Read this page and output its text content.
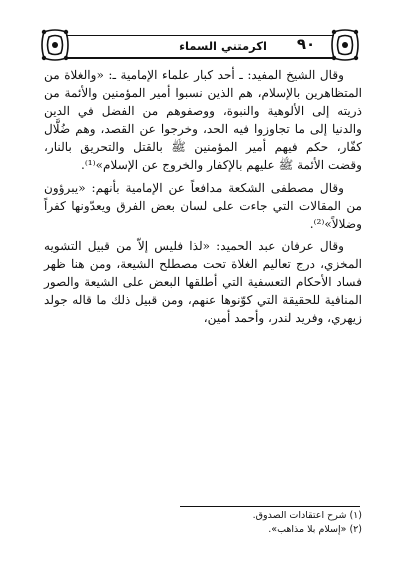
اكرمتني السماء	٩٠

وقال الشيخ المفيد: ـ أحد كبار علماء الإمامية ـ: «والغلاة من المتظاهرين بالإسلام، هم الذين نسبوا أمير المؤمنين والأئمة من ذريته إلى الألوهية والنبوة، ووصفوهم من الفضل في الدين والدنيا إلى ما تجاوزوا فيه الحد، وخرجوا عن القصد، وهم ضُلَّال كفّار، حكم فيهم أمير المؤمنين ﷺ بالقتل والتحريق بالنار، وقضت الأئمة ﷺ عليهم بالإكفار والخروج عن الإسلام»⁽¹⁾.

وقال مصطفى الشكعة مدافعاً عن الإمامية بأنهم: «يبرؤون من المقالات التي جاءت على لسان بعض الفرق ويعدّونها كفراً وضلالاً»⁽²⁾.

وقال عرفان عبد الحميد: «لذا فليس إلاّ من قبيل التشويه المخزي، درج تعاليم الغلاة تحت مصطلح الشيعة، ومن هنا ظهر فساد الأحكام التعسفية التي أطلقها البعض على الشيعة والصور المنافية للحقيقة التي كوّنوها عنهم، ومن قبيل ذلك ما قاله جولد زيهري، وفريد لندر، وأحمد أمين،

(١) شرح اعتقادات الصدوق.
(٢) «إسلام بلا مذاهب».
